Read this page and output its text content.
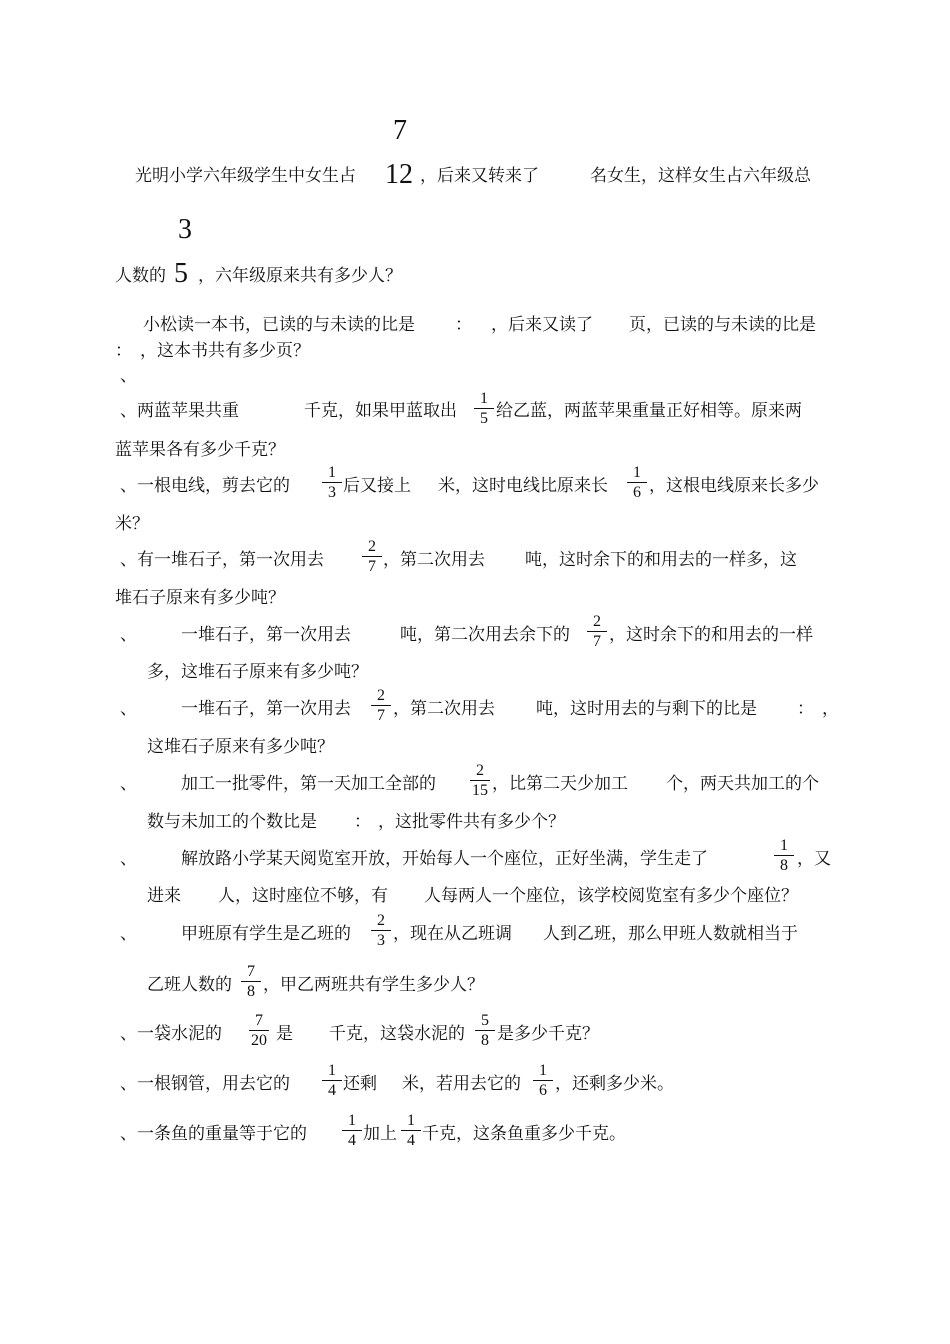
7
光明小学六年级学生中女生占 12 ，后来又转来了	名女生，这样女生占六年级总
3
人数的 5 ，六年级原来共有多少人？
小松读一本书，已读的与未读的比是 ： ，后来又读了 页，已读的与未读的比是
： ，这本书共有多少页？
、
、两蓝苹果共重	千克，如果甲蓝取出
1
5 给乙蓝，两蓝苹果重量正好相等。原来两
蓝苹果各有多少千克？
、一根电线，剪去它的
1
3 后又接上 米，这时电线比原来长
1
6 ，这根电线原来长多少
米？
、有一堆石子，第一次用去
2
7 ，第二次用去 吨，这时余下的和用去的一样多，这
堆石子原来有多少吨？
、	一堆石子，第一次用去	吨，第二次用去余下的
2
7 ，这时余下的和用去的一样
多，这堆石子原来有多少吨？
、	一堆石子，第一次用去
2
7 ，第二次用去 吨，这时用去的与剩下的比是 ： ，
这堆石子原来有多少吨？
、	加工一批零件，第一天加工全部的
2
15 ，比第二天少加工 个，两天共加工的个
数与未加工的个数比是 ： ，这批零件共有多少个？
、	解放路小学某天阅览室开放，开始每人一个座位，正好坐满，学生走了
1
8 ，又
进来 人，这时座位不够，有 人每两人一个座位，该学校阅览室有多少个座位？
、	甲班原有学生是乙班的
2
3 ，现在从乙班调 人到乙班，那么甲班人数就相当于
乙班人数的
7
8 ，甲乙两班共有学生多少人？
、一袋水泥的
7
20 是 千克，这袋水泥的
5
8 是多少千克？
、一根钢管，用去它的
1
4 还剩 米，若用去它的
1
6 ，还剩多少米。
、一条鱼的重量等于它的
1
4 加上
1
4 千克，这条鱼重多少千克。
